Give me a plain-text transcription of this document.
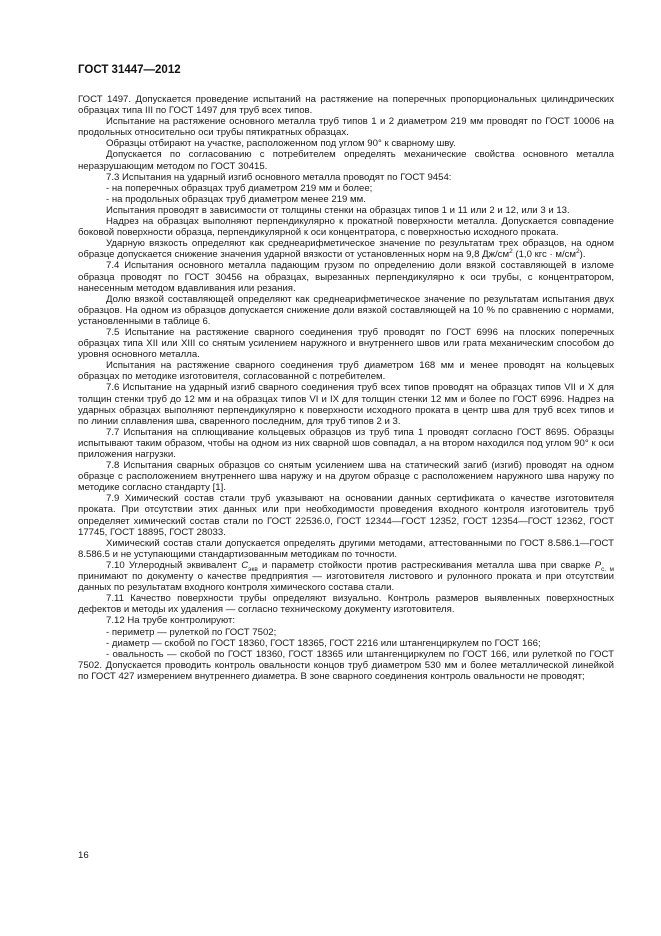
ГОСТ 31447—2012

ГОСТ 1497. Допускается проведение испытаний на растяжение на поперечных пропорциональных цилиндрических образцах типа III по ГОСТ 1497 для труб всех типов.

Испытание на растяжение основного металла труб типов 1 и 2 диаметром 219 мм проводят по ГОСТ 10006 на продольных относительно оси трубы пятикратных образцах.

Образцы отбирают на участке, расположенном под углом 90° к сварному шву.

Допускается по согласованию с потребителем определять механические свойства основного металла неразрушающим методом по ГОСТ 30415.

7.3 Испытания на ударный изгиб основного металла проводят по ГОСТ 9454:

- на поперечных образцах труб диаметром 219 мм и более;

- на продольных образцах труб диаметром менее 219 мм.

Испытания проводят в зависимости от толщины стенки на образцах типов 1 и 11 или 2 и 12, или 3 и 13.

Надрез на образцах выполняют перпендикулярно к прокатной поверхности металла. Допускается совпадение боковой поверхности образца, перпендикулярной к оси концентратора, с поверхностью исходного проката.

Ударную вязкость определяют как среднеарифметическое значение по результатам трех образцов, на одном образце допускается снижение значения ударной вязкости от установленных норм на 9,8 $Дж/см^2$ (1,0 кгс · $м/см^2$).

7.4 Испытания основного металла падающим грузом по определению доли вязкой составляющей в изломе образца проводят по ГОСТ 30456 на образцах, вырезанных перпендикулярно к оси трубы, с концентратором, нанесенным методом вдавливания или резания.

Долю вязкой составляющей определяют как среднеарифметическое значение по результатам испытания двух образцов. На одном из образцов допускается снижение доли вязкой составляющей на 10 % по сравнению с нормами, установленными в таблице 6.

7.5 Испытание на растяжение сварного соединения труб проводят по ГОСТ 6996 на плоских поперечных образцах типа XII или XIII со снятым усилением наружного и внутреннего швов или грата механическим способом до уровня основного металла.

Испытания на растяжение сварного соединения труб диаметром 168 мм и менее проводят на кольцевых образцах по методике изготовителя, согласованной с потребителем.

7.6 Испытание на ударный изгиб сварного соединения труб всех типов проводят на образцах типов VII и X для толщин стенки труб до 12 мм и на образцах типов VI и IX для толщин стенки 12 мм и более по ГОСТ 6996. Надрез на ударных образцах выполняют перпендикулярно к поверхности исходного проката в центр шва для труб всех типов и по линии сплавления шва, сваренного последним, для труб типов 2 и 3.

7.7 Испытания на сплющивание кольцевых образцов из труб типа 1 проводят согласно ГОСТ 8695. Образцы испытывают таким образом, чтобы на одном из них сварной шов совпадал, а на втором находился под углом 90° к оси приложения нагрузки.

7.8 Испытания сварных образцов со снятым усилением шва на статический загиб (изгиб) проводят на одном образце с расположением внутреннего шва наружу и на другом образце с расположением наружного шва наружу по методике согласно стандарту [1].

7.9 Химический состав стали труб указывают на основании данных сертификата о качестве изготовителя проката. При отсутствии этих данных или при необходимости проведения входного контроля изготовитель труб определяет химический состав стали по ГОСТ 22536.0, ГОСТ 12344—ГОСТ 12352, ГОСТ 12354—ГОСТ 12362, ГОСТ 17745, ГОСТ 18895, ГОСТ 28033.

Химический состав стали допускается определять другими методами, аттестованными по ГОСТ 8.586.1—ГОСТ 8.586.5 и не уступающими стандартизованным методикам по точности.

7.10 Углеродный эквивалент $C_{экв}$ и параметр стойкости против растрескивания металла шва при сварке $P_{с. м}$ принимают по документу о качестве предприятия — изготовителя листового и рулонного проката и при отсутствии данных по результатам входного контроля химического состава стали.

7.11 Качество поверхности трубы определяют визуально. Контроль размеров выявленных поверхностных дефектов и методы их удаления — согласно техническому документу изготовителя.

7.12 На трубе контролируют:

- периметр — рулеткой по ГОСТ 7502;

- диаметр — скобой по ГОСТ 18360, ГОСТ 18365, ГОСТ 2216 или штангенциркулем по ГОСТ 166;

- овальность — скобой по ГОСТ 18360, ГОСТ 18365 или штангенциркулем по ГОСТ 166, или рулеткой по ГОСТ 7502. Допускается проводить контроль овальности концов труб диаметром 530 мм и более металлической линейкой по ГОСТ 427 измерением внутреннего диаметра. В зоне сварного соединения контроль овальности не проводят;

16
